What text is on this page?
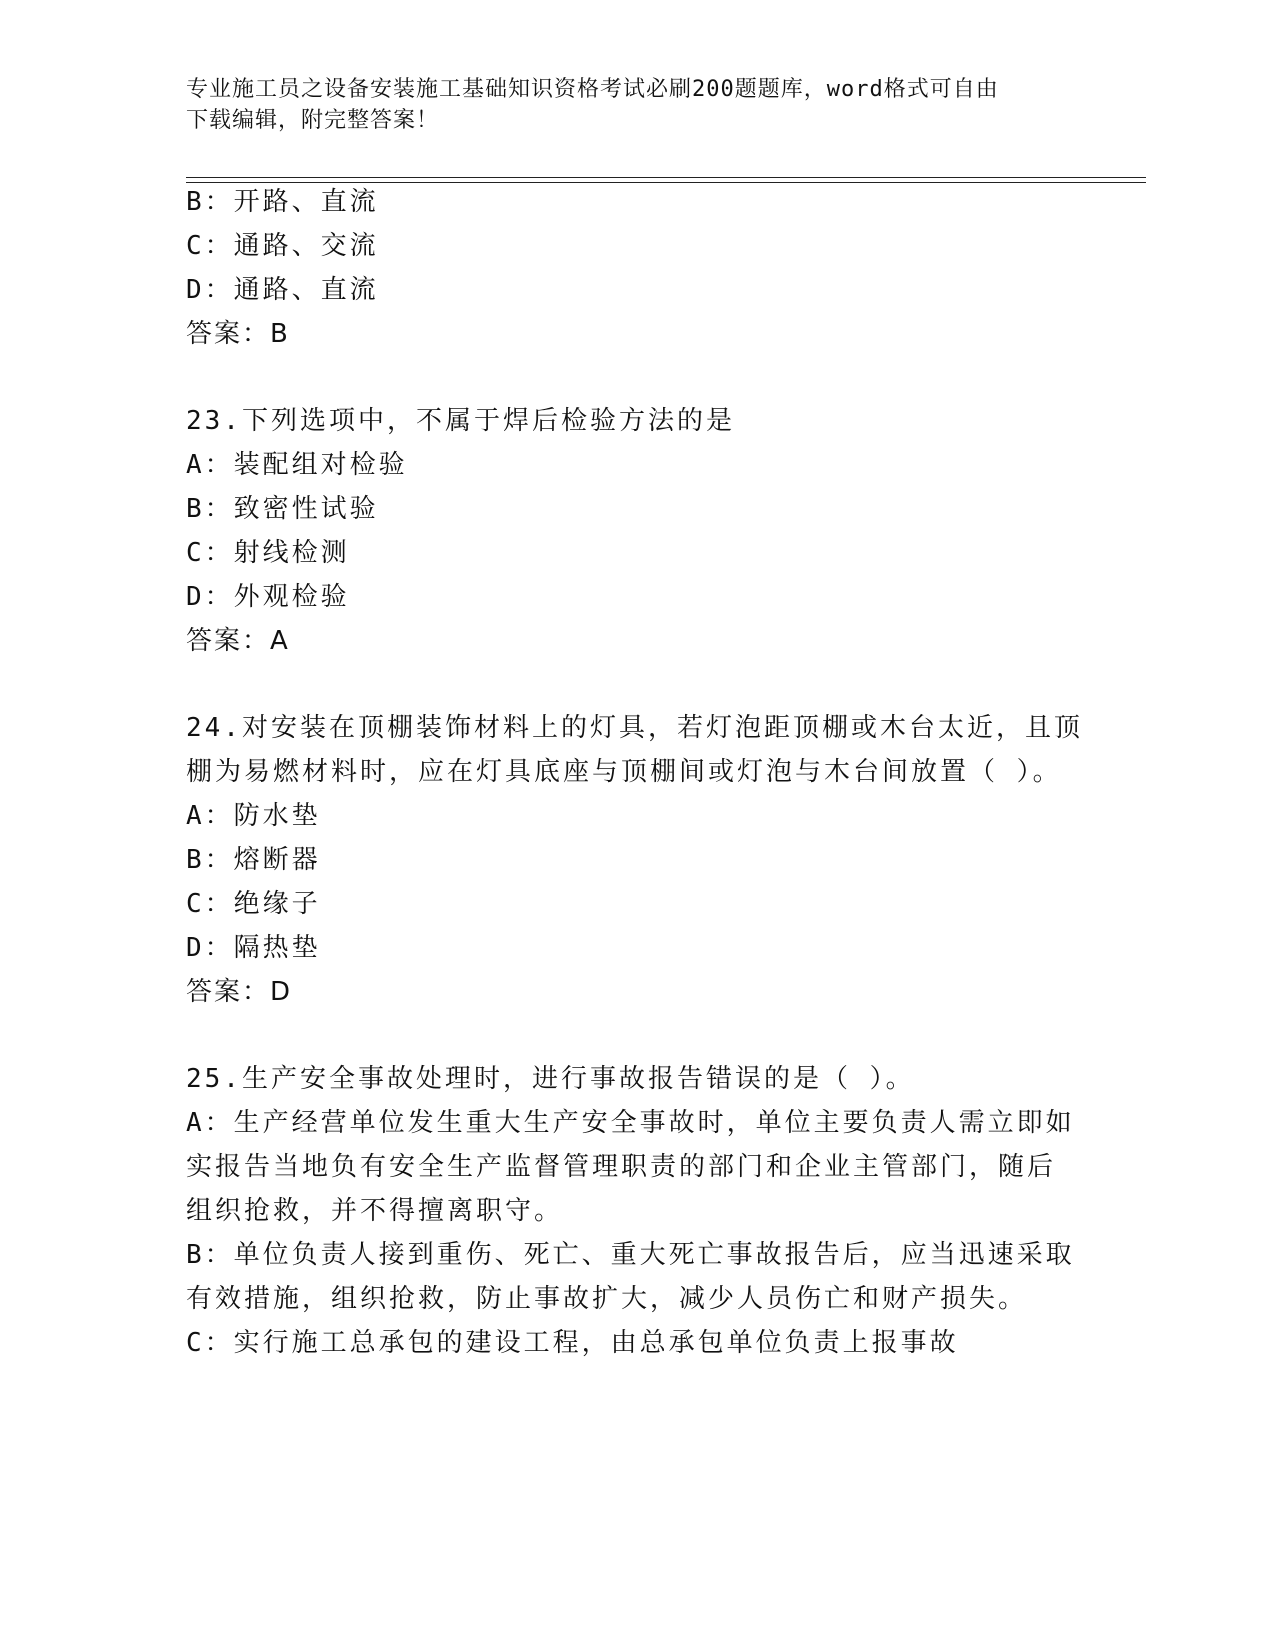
专业施工员之设备安装施工基础知识资格考试必刷200题题库，word格式可自由
下载编辑，附完整答案！
B：开路、直流
C：通路、交流
D：通路、直流
答案：B
23.下列选项中，不属于焊后检验方法的是
A：装配组对检验
B：致密性试验
C：射线检测
D：外观检验
答案：A
24.对安装在顶棚装饰材料上的灯具，若灯泡距顶棚或木台太近，且顶
棚为易燃材料时，应在灯具底座与顶棚间或灯泡与木台间放置（ ）。
A：防水垫
B：熔断器
C：绝缘子
D：隔热垫
答案：D
25.生产安全事故处理时，进行事故报告错误的是（ ）。
A：生产经营单位发生重大生产安全事故时，单位主要负责人需立即如
实报告当地负有安全生产监督管理职责的部门和企业主管部门，随后
组织抢救，并不得擅离职守。
B：单位负责人接到重伤、死亡、重大死亡事故报告后，应当迅速采取
有效措施，组织抢救，防止事故扩大，减少人员伤亡和财产损失。
C：实行施工总承包的建设工程，由总承包单位负责上报事故
